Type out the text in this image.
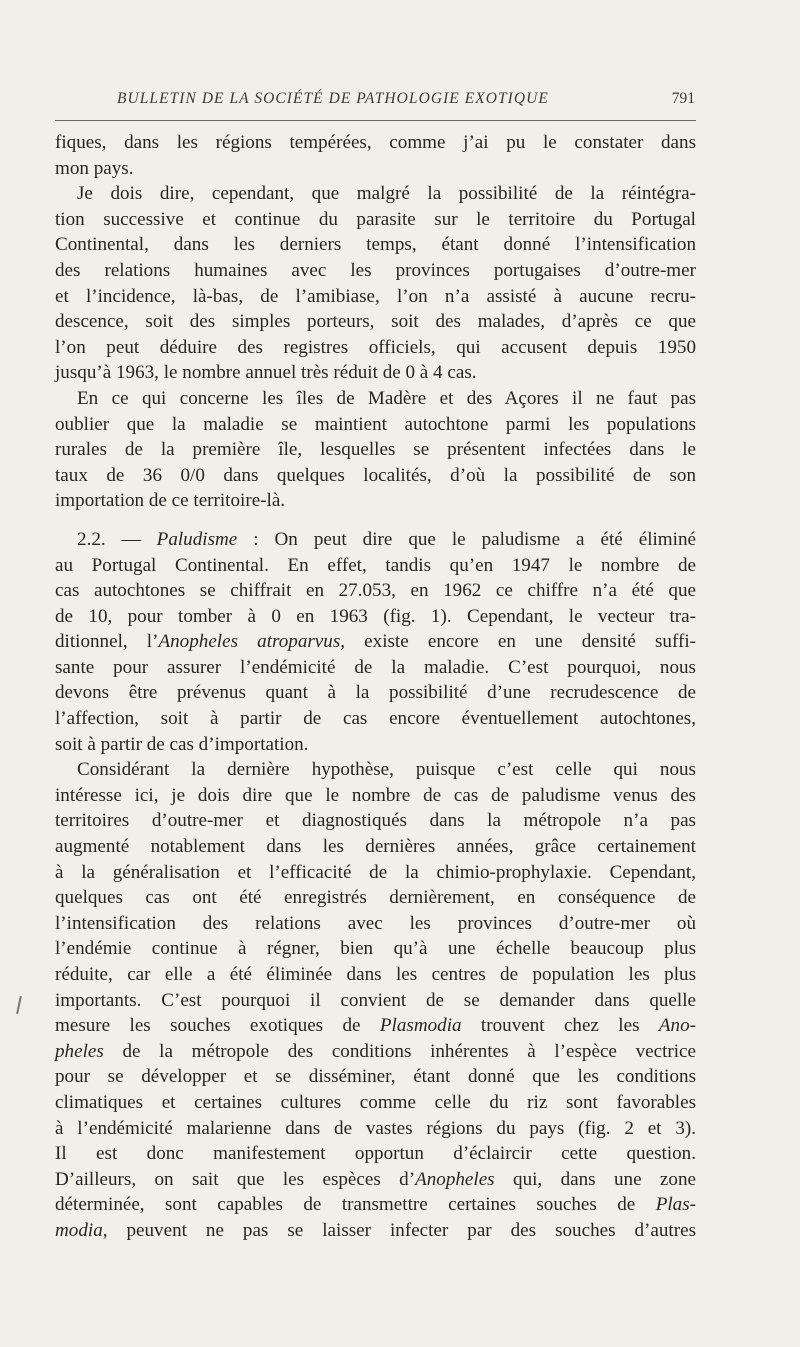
BULLETIN DE LA SOCIÉTÉ DE PATHOLOGIE EXOTIQUE	791
fiques, dans les régions tempérées, comme j’ai pu le constater dans
mon pays.
Je dois dire, cependant, que malgré la possibilité de la réintégra-
tion successive et continue du parasite sur le territoire du Portugal
Continental, dans les derniers temps, étant donné l’intensification
des relations humaines avec les provinces portugaises d’outre-mer
et l’incidence, là-bas, de l’amibiase, l’on n’a assisté à aucune recru-
descence, soit des simples porteurs, soit des malades, d’après ce que
l’on peut déduire des registres officiels, qui accusent depuis 1950
jusqu’à 1963, le nombre annuel très réduit de 0 à 4 cas.
En ce qui concerne les îles de Madère et des Açores il ne faut pas
oublier que la maladie se maintient autochtone parmi les populations
rurales de la première île, lesquelles se présentent infectées dans le
taux de 36 0/0 dans quelques localités, d’où la possibilité de son
importation de ce territoire-là.
2.2. — Paludisme : On peut dire que le paludisme a été éliminé
au Portugal Continental. En effet, tandis qu’en 1947 le nombre de
cas autochtones se chiffrait en 27.053, en 1962 ce chiffre n’a été que
de 10, pour tomber à 0 en 1963 (fig. 1). Cependant, le vecteur tra-
ditionnel, l’Anopheles atroparvus, existe encore en une densité suffi-
sante pour assurer l’endémicité de la maladie. C’est pourquoi, nous
devons être prévenus quant à la possibilité d’une recrudescence de
l’affection, soit à partir de cas encore éventuellement autochtones,
soit à partir de cas d’importation.
Considérant la dernière hypothèse, puisque c’est celle qui nous
intéresse ici, je dois dire que le nombre de cas de paludisme venus des
territoires d’outre-mer et diagnostiqués dans la métropole n’a pas
augmenté notablement dans les dernières années, grâce certainement
à la généralisation et l’efficacité de la chimio-prophylaxie. Cependant,
quelques cas ont été enregistrés dernièrement, en conséquence de
l’intensification des relations avec les provinces d’outre-mer où
l’endémie continue à régner, bien qu’à une échelle beaucoup plus
réduite, car elle a été éliminée dans les centres de population les plus
importants. C’est pourquoi il convient de se demander dans quelle
mesure les souches exotiques de Plasmodia trouvent chez les Ano-
pheles de la métropole des conditions inhérentes à l’espèce vectrice
pour se développer et se disséminer, étant donné que les conditions
climatiques et certaines cultures comme celle du riz sont favorables
à l’endémicité malarienne dans de vastes régions du pays (fig. 2 et 3).
Il est donc manifestement opportun d’éclaircir cette question.
D’ailleurs, on sait que les espèces d’Anopheles qui, dans une zone
déterminée, sont capables de transmettre certaines souches de Plas-
modia, peuvent ne pas se laisser infecter par des souches d’autres
